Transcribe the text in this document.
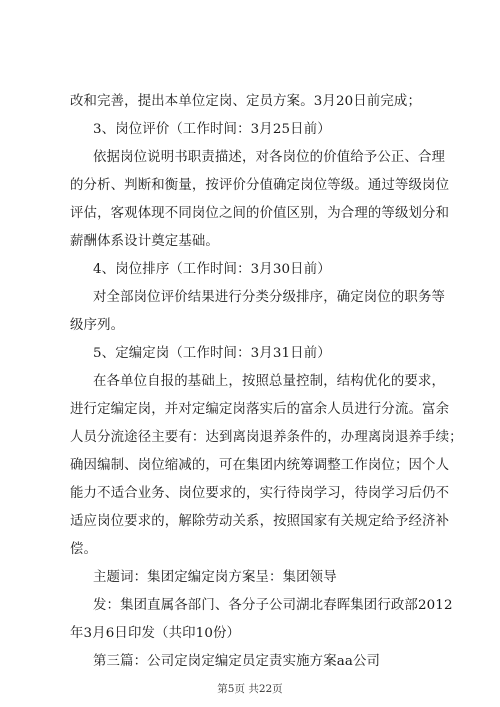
改和完善，提出本单位定岗、定员方案。3月20日前完成；
3、岗位评价（工作时间：3月25日前）
依据岗位说明书职责描述，对各岗位的价值给予公正、合理
的分析、判断和衡量，按评价分值确定岗位等级。通过等级岗位
评估，客观体现不同岗位之间的价值区别，为合理的等级划分和
薪酬体系设计奠定基础。
4、岗位排序（工作时间：3月30日前）
对全部岗位评价结果进行分类分级排序，确定岗位的职务等
级序列。
5、定编定岗（工作时间：3月31日前）
在各单位自报的基础上，按照总量控制，结构优化的要求，
进行定编定岗，并对定编定岗落实后的富余人员进行分流。富余
人员分流途径主要有：达到离岗退养条件的，办理离岗退养手续；
确因编制、岗位缩减的，可在集团内统筹调整工作岗位；因个人
能力不适合业务、岗位要求的，实行待岗学习，待岗学习后仍不
适应岗位要求的，解除劳动关系，按照国家有关规定给予经济补
偿。
主题词：集团定编定岗方案呈：集团领导
发：集团直属各部门、各分子公司湖北春晖集团行政部2012
年3月6日印发（共印10份）
第三篇：公司定岗定编定员定责实施方案aa公司
第5页 共22页
